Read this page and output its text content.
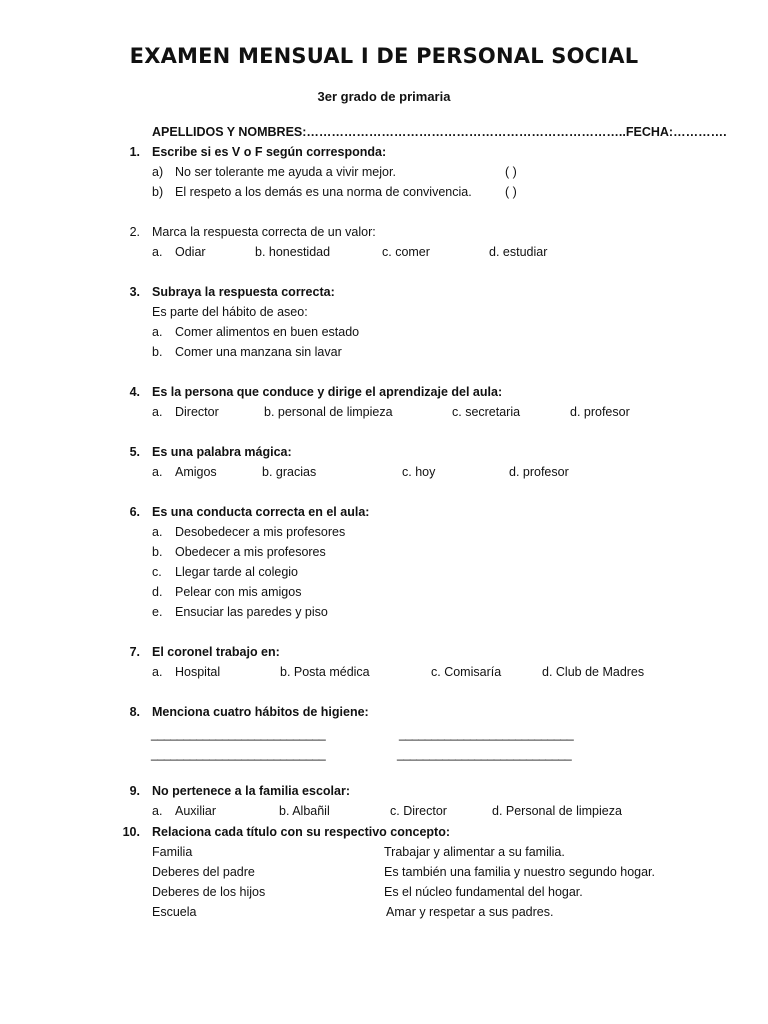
EXAMEN MENSUAL I DE PERSONAL SOCIAL
3er grado de primaria
APELLIDOS Y NOMBRES:…………………………………………………………………..FECHA:………….
1. Escribe si es V o F según corresponda:
a) No ser tolerante me ayuda a vivir mejor.	( )
b) El respeto a los demás es una norma de convivencia.	( )
2. Marca la respuesta correcta de un valor:
a. Odiar	b. honestidad	c. comer	d. estudiar
3. Subraya la respuesta correcta:
Es parte del hábito de aseo:
a. Comer alimentos en buen estado
b. Comer una manzana sin lavar
4. Es la persona que conduce y dirige el aprendizaje del aula:
a. Director	b. personal de limpieza	c. secretaria	d. profesor
5. Es una palabra mágica:
a. Amigos	b. gracias	c. hoy	d. profesor
6. Es una conducta correcta en el aula:
a. Desobedecer a mis profesores
b. Obedecer a mis profesores
c. Llegar tarde al colegio
d. Pelear con mis amigos
e. Ensuciar las paredes y piso
7. El coronel trabajo en:
a. Hospital	b. Posta médica	c. Comisaría	d. Club de Madres
8. Menciona cuatro hábitos de higiene:
___________________________	___________________________
___________________________	___________________________
9. No pertenece a la familia escolar:
a. Auxiliar	b. Albañil	c. Director	d. Personal de limpieza
10. Relaciona cada título con su respectivo concepto:
Familia	Trabajar y alimentar a su familia.
Deberes del padre	Es también una familia y nuestro segundo hogar.
Deberes de los hijos	Es el núcleo fundamental del hogar.
Escuela	Amar y respetar a sus padres.
